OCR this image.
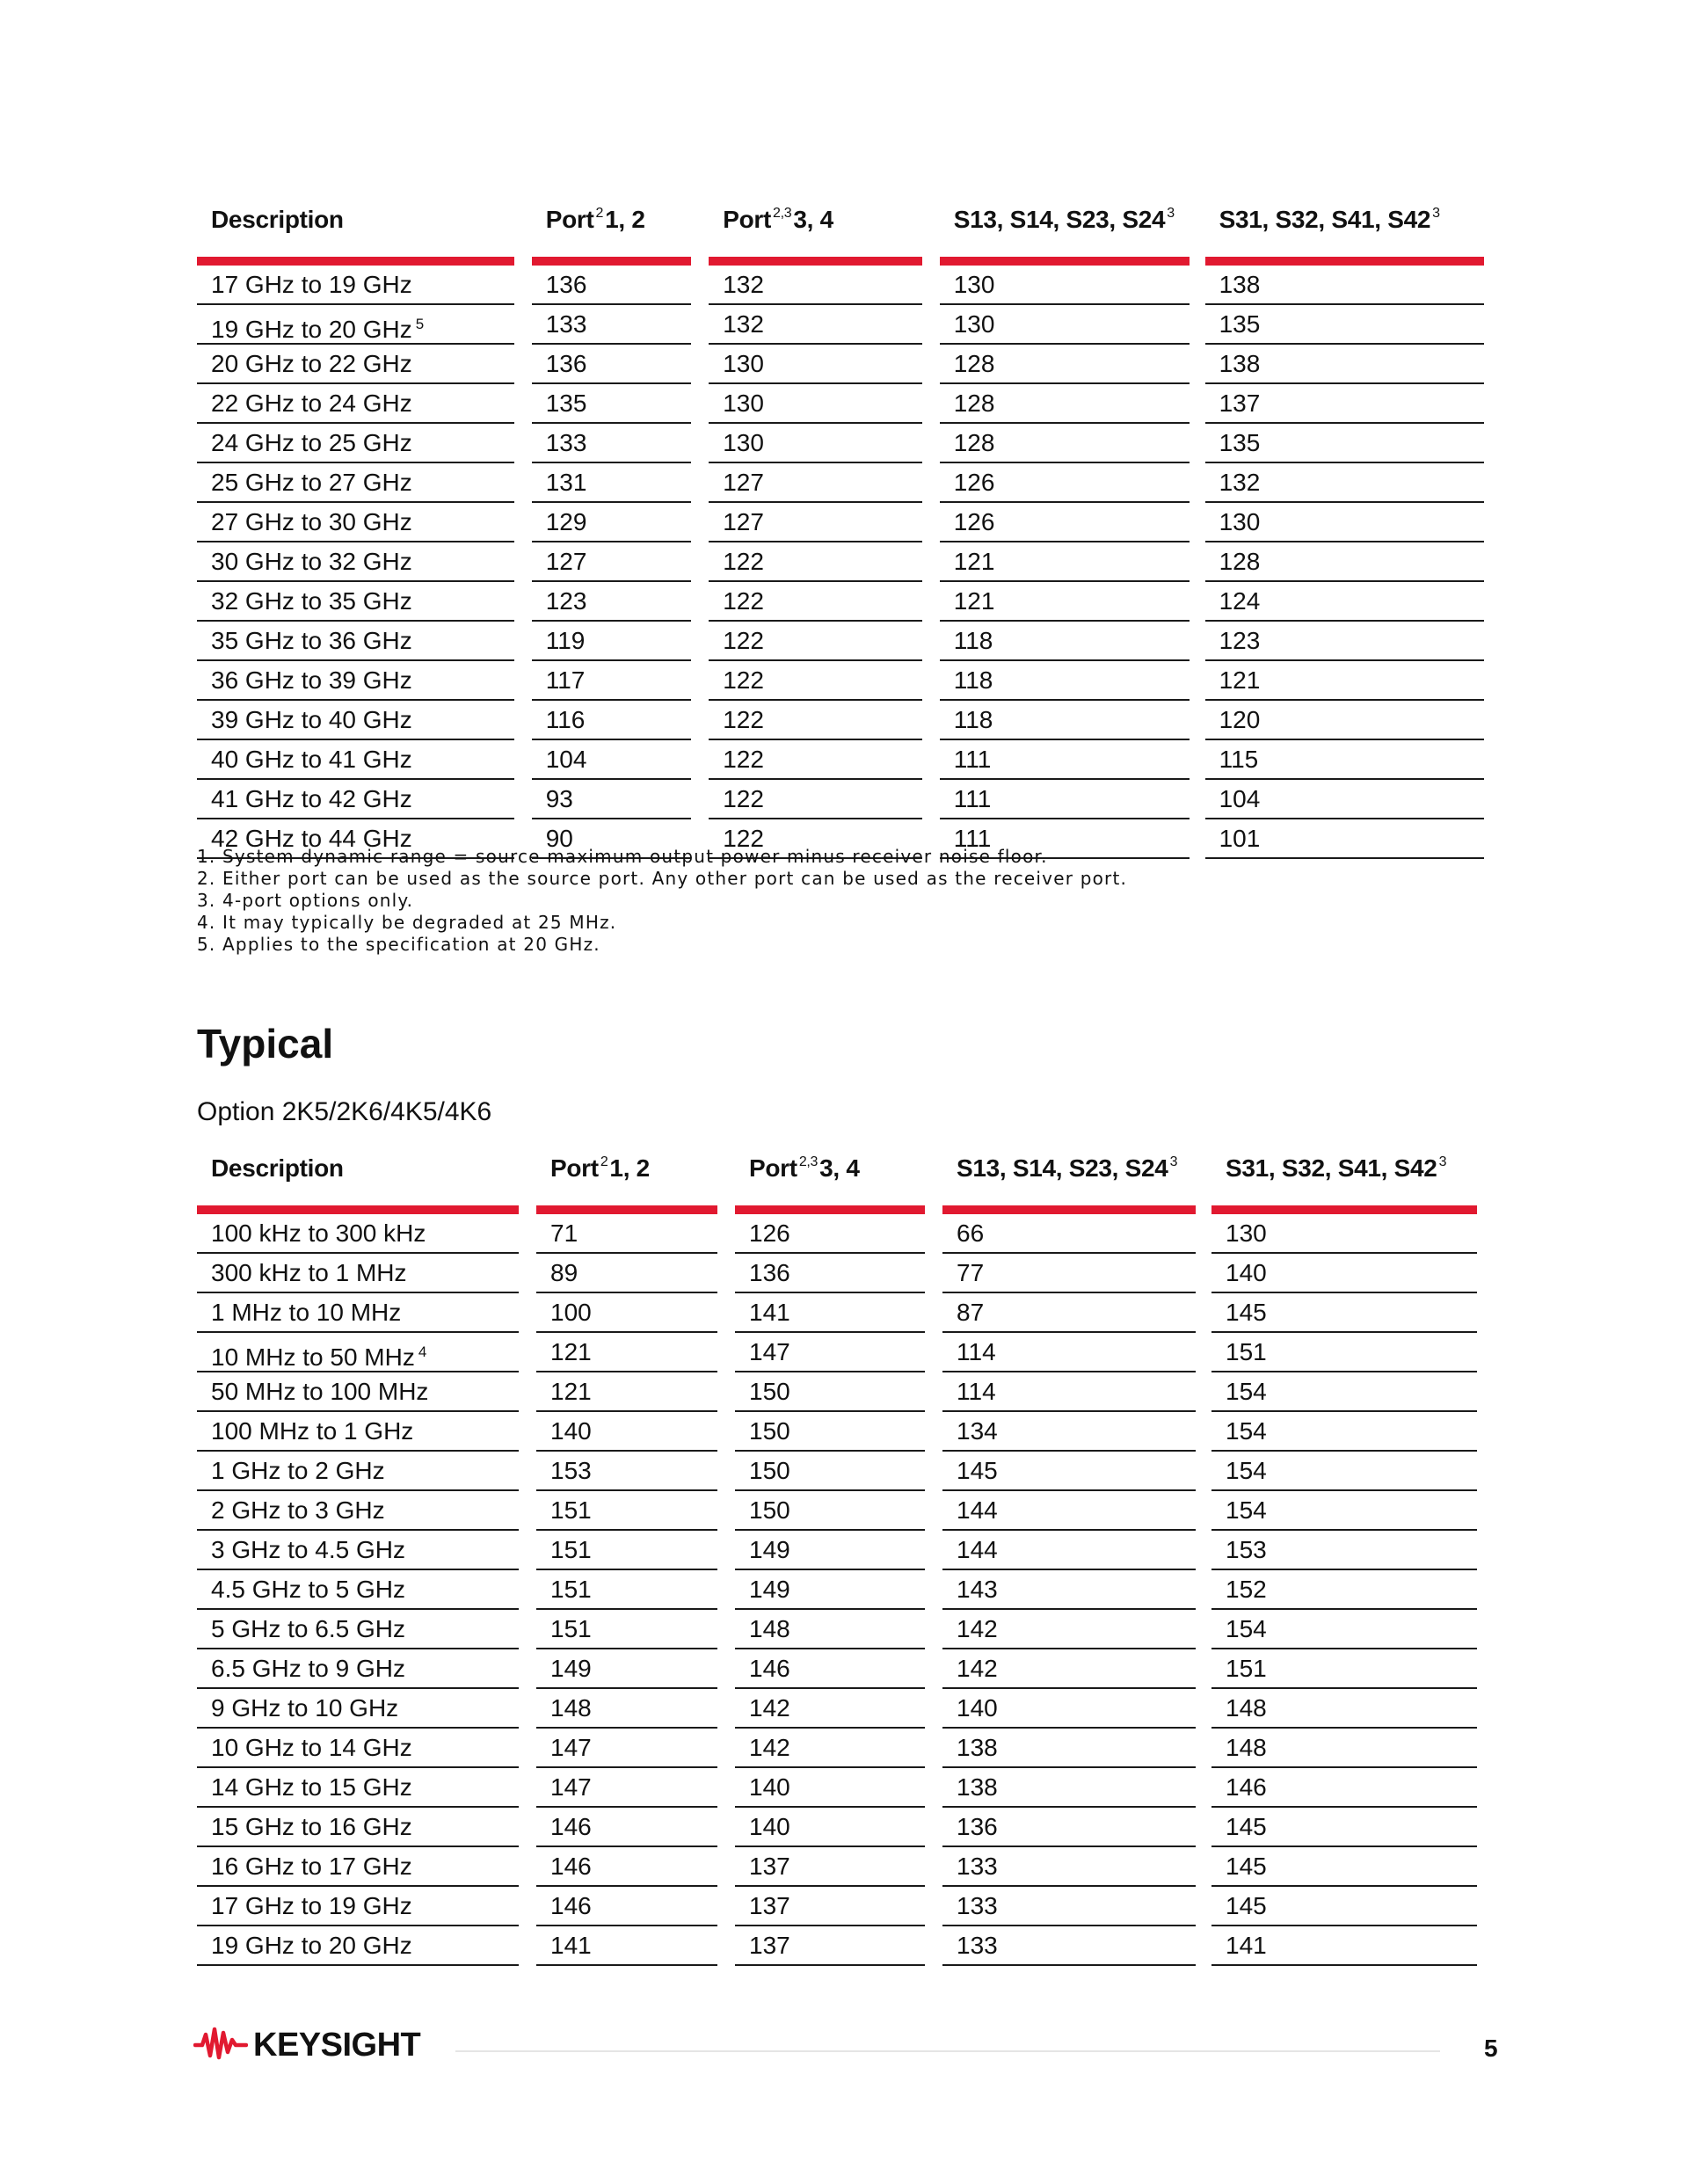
Description	Port $^2$1, 2	Port $^{2,3}$3, 4	S13, S14, S23, S24 $^3$	S31, S32, S41, S42 $^3$
17 GHz to 19 GHz	136	132	130	138
19 GHz to 20 GHz $^5$	133	132	130	135
20 GHz to 22 GHz	136	130	128	138
22 GHz to 24 GHz	135	130	128	137
24 GHz to 25 GHz	133	130	128	135
25 GHz to 27 GHz	131	127	126	132
27 GHz to 30 GHz	129	127	126	130
30 GHz to 32 GHz	127	122	121	128
32 GHz to 35 GHz	123	122	121	124
35 GHz to 36 GHz	119	122	118	123
36 GHz to 39 GHz	117	122	118	121
39 GHz to 40 GHz	116	122	118	120
40 GHz to 41 GHz	104	122	111	115
41 GHz to 42 GHz	93	122	111	104
42 GHz to 44 GHz	90	122	111	101
1. System dynamic range = source maximum output power minus receiver noise floor.
2. Either port can be used as the source port. Any other port can be used as the receiver port.
3. 4-port options only.
4. It may typically be degraded at 25 MHz.
5. Applies to the specification at 20 GHz.
Typical
Option 2K5/2K6/4K5/4K6
Description	Port $^2$1, 2	Port $^{2,3}$3, 4	S13, S14, S23, S24 $^3$	S31, S32, S41, S42 $^3$
100 kHz to 300 kHz	71	126	66	130
300 kHz to 1 MHz	89	136	77	140
1 MHz to 10 MHz	100	141	87	145
10 MHz to 50 MHz $^4$	121	147	114	151
50 MHz to 100 MHz	121	150	114	154
100 MHz to 1 GHz	140	150	134	154
1 GHz to 2 GHz	153	150	145	154
2 GHz to 3 GHz	151	150	144	154
3 GHz to 4.5 GHz	151	149	144	153
4.5 GHz to 5 GHz	151	149	143	152
5 GHz to 6.5 GHz	151	148	142	154
6.5 GHz to 9 GHz	149	146	142	151
9 GHz to 10 GHz	148	142	140	148
10 GHz to 14 GHz	147	142	138	148
14 GHz to 15 GHz	147	140	138	146
15 GHz to 16 GHz	146	140	136	145
16 GHz to 17 GHz	146	137	133	145
17 GHz to 19 GHz	146	137	133	145
19 GHz to 20 GHz	141	137	133	141
KEYSIGHT	5
